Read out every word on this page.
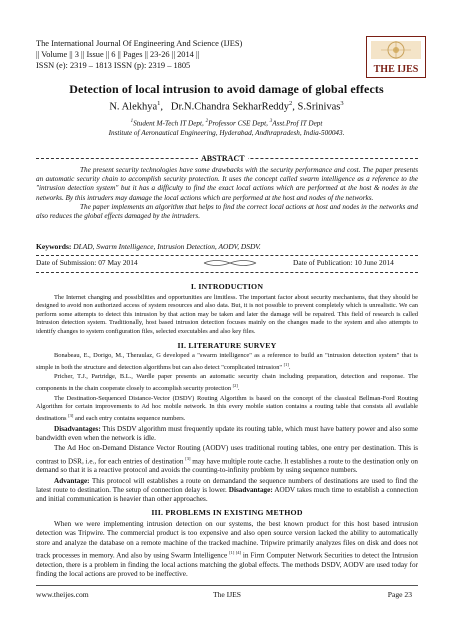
The International Journal Of Engineering And Science (IJES)
|| Volume || 3 || Issue || 6 || Pages || 23-26 || 2014 ||
ISSN (e): 2319 – 1813 ISSN (p): 2319 – 1805	THE IJES
Detection of local intrusion to avoid damage of global effects
N. Alekhya$^1$,   Dr.N.Chandra SekharReddy$^2$, S.Srinivas$^3$
$^1$Student M-Tech IT Dept, $^2$Professor CSE Dept, $^3$Asst.Prof IT Dept
Institute of Aeronautical Engineering, Hyderabad, Andhrapradesh, India-500043.
ABSTRACT

The present security technologies have some drawbacks with the security performance and cost. The paper presents an automatic security chain to accomplish security protection. It uses the concept called swarm intelligence as a reference to the "intrusion detection system" but it has a difficulty to find the exact local actions which are performed at the host & nodes in the networks. By this intruders may damage the local actions which are performed at the host and nodes of the networks.

The paper implements an algorithm that helps to find the correct local actions at host and nodes in the networks and also reduces the global effects damaged by the intruders.

Keywords: DLAD, Swarm Intelligence, Intrusion Detection, AODV, DSDV.
Date of Submission: 07 May 2014	Date of Publication: 10 June 2014
I. INTRODUCTION

The Internet changing and possibilities and opportunities are limitless. The important factor about security mechanisms, that they should be designed to avoid non authorized access of system resources and also data. But, it is not possible to prevent completely which is unrealistic. We can perform some attempts to detect this intrusion by that action may be taken and later the damage will be repaired. This field of research is called Intrusion detection system. Traditionally, host based intrusion detection focuses mainly on the changes made to the system and also attempts to identify changes to system configuration files, selected executables and also key files.

II. LITERATURE SURVEY

Bonabeau, E., Dorigo, M., Theraulaz, G developed a "swarm intelligence" as a reference to build an "intrusion detection system" that is simple in both the structure and detection algorithms but can also detect "complicated intrusion" [1].

Pricher, T.J., Partridge, B.L., Wardle paper presents an automatic security chain including preparation, detection and response. The components in the chain cooperate closely to accomplish security protection [2].

The Destination-Sequenced Distance-Vector (DSDV) Routing Algorithm is based on the concept of the classical Bellman-Ford Routing Algorithm for certain improvements to Ad hoc mobile network. In this every mobile station contains a routing table that consists all available destinations [3] and each entry contains sequence numbers.

Disadvantages: This DSDV algorithm must frequently update its routing table, which must have battery power and also some bandwidth even when the network is idle.

The Ad Hoc on-Demand Distance Vector Routing (AODV) uses traditional routing tables, one entry per destination. This is contrast to DSR, i.e., for each entries of destination [3] may have multiple route cache. It establishes a route to the destination only on demand so that it is a reactive protocol and avoids the counting-to-infinity problem by using sequence numbers.

Advantage: This protocol will establishes a route on demandand the sequence numbers of destinations are used to find the latest route to destination. The setup of connection delay is lower. Disadvantage: AODV takes much time to establish a connection and initial communication is heavier than other approaches.

III. PROBLEMS IN EXISTING METHOD

When we were implementing intrusion detection on our systems, the best known product for this host based intrusion detection was Tripwire. The commercial product is too expensive and also open source version lacked the ability to automatically store and analyze the database on a remote machine of the tracked machine. Tripwire primarily analyzes files on disk and does not track processes in memory. And also by using Swarm Intelligence [1] [4] in Firm Computer Network Securities to detect the Intrusion detection, there is a problem in finding the local actions matching the global effects. The methods DSDV, AODV are used today for finding the local actions are proved to be ineffective.

www.theijes.com	The IJES	Page 23
